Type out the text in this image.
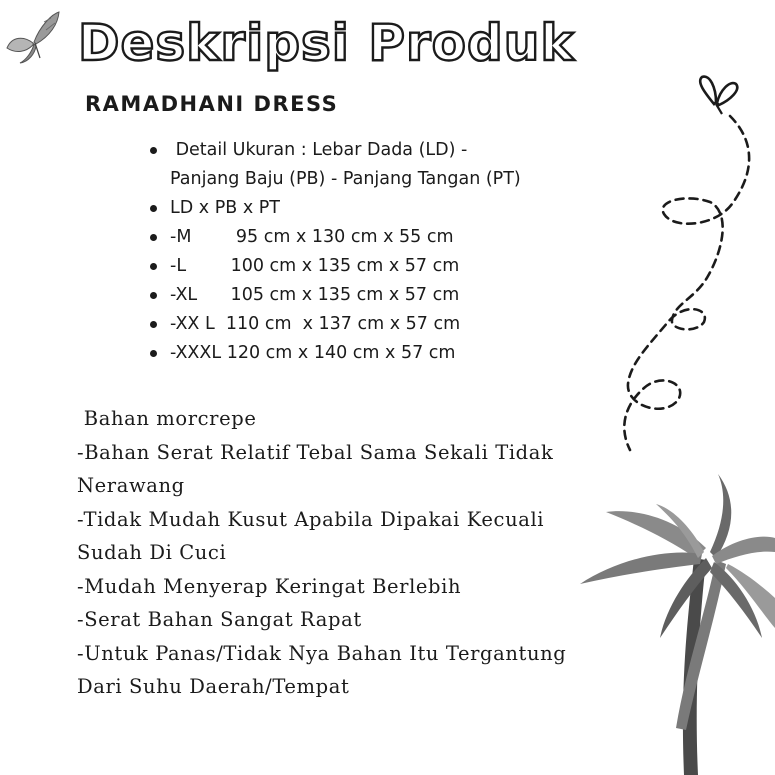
Deskripsi Produk
RAMADHANI DRESS
Detail Ukuran : Lebar Dada (LD) -
Panjang Baju (PB) - Panjang Tangan (PT)
LD x PB x PT
-M        95 cm x 130 cm x 55 cm
-L        100 cm x 135 cm x 57 cm
-XL      105 cm x 135 cm x 57 cm
-XX L  110 cm  x 137 cm x 57 cm
-XXXL 120 cm x 140 cm x 57 cm
Bahan morcrepe
-Bahan Serat Relatif Tebal Sama Sekali Tidak
Nerawang
-Tidak Mudah Kusut Apabila Dipakai Kecuali
Sudah Di Cuci
-Mudah Menyerap Keringat Berlebih
-Serat Bahan Sangat Rapat
-Untuk Panas/Tidak Nya Bahan Itu Tergantung
Dari Suhu Daerah/Tempat
